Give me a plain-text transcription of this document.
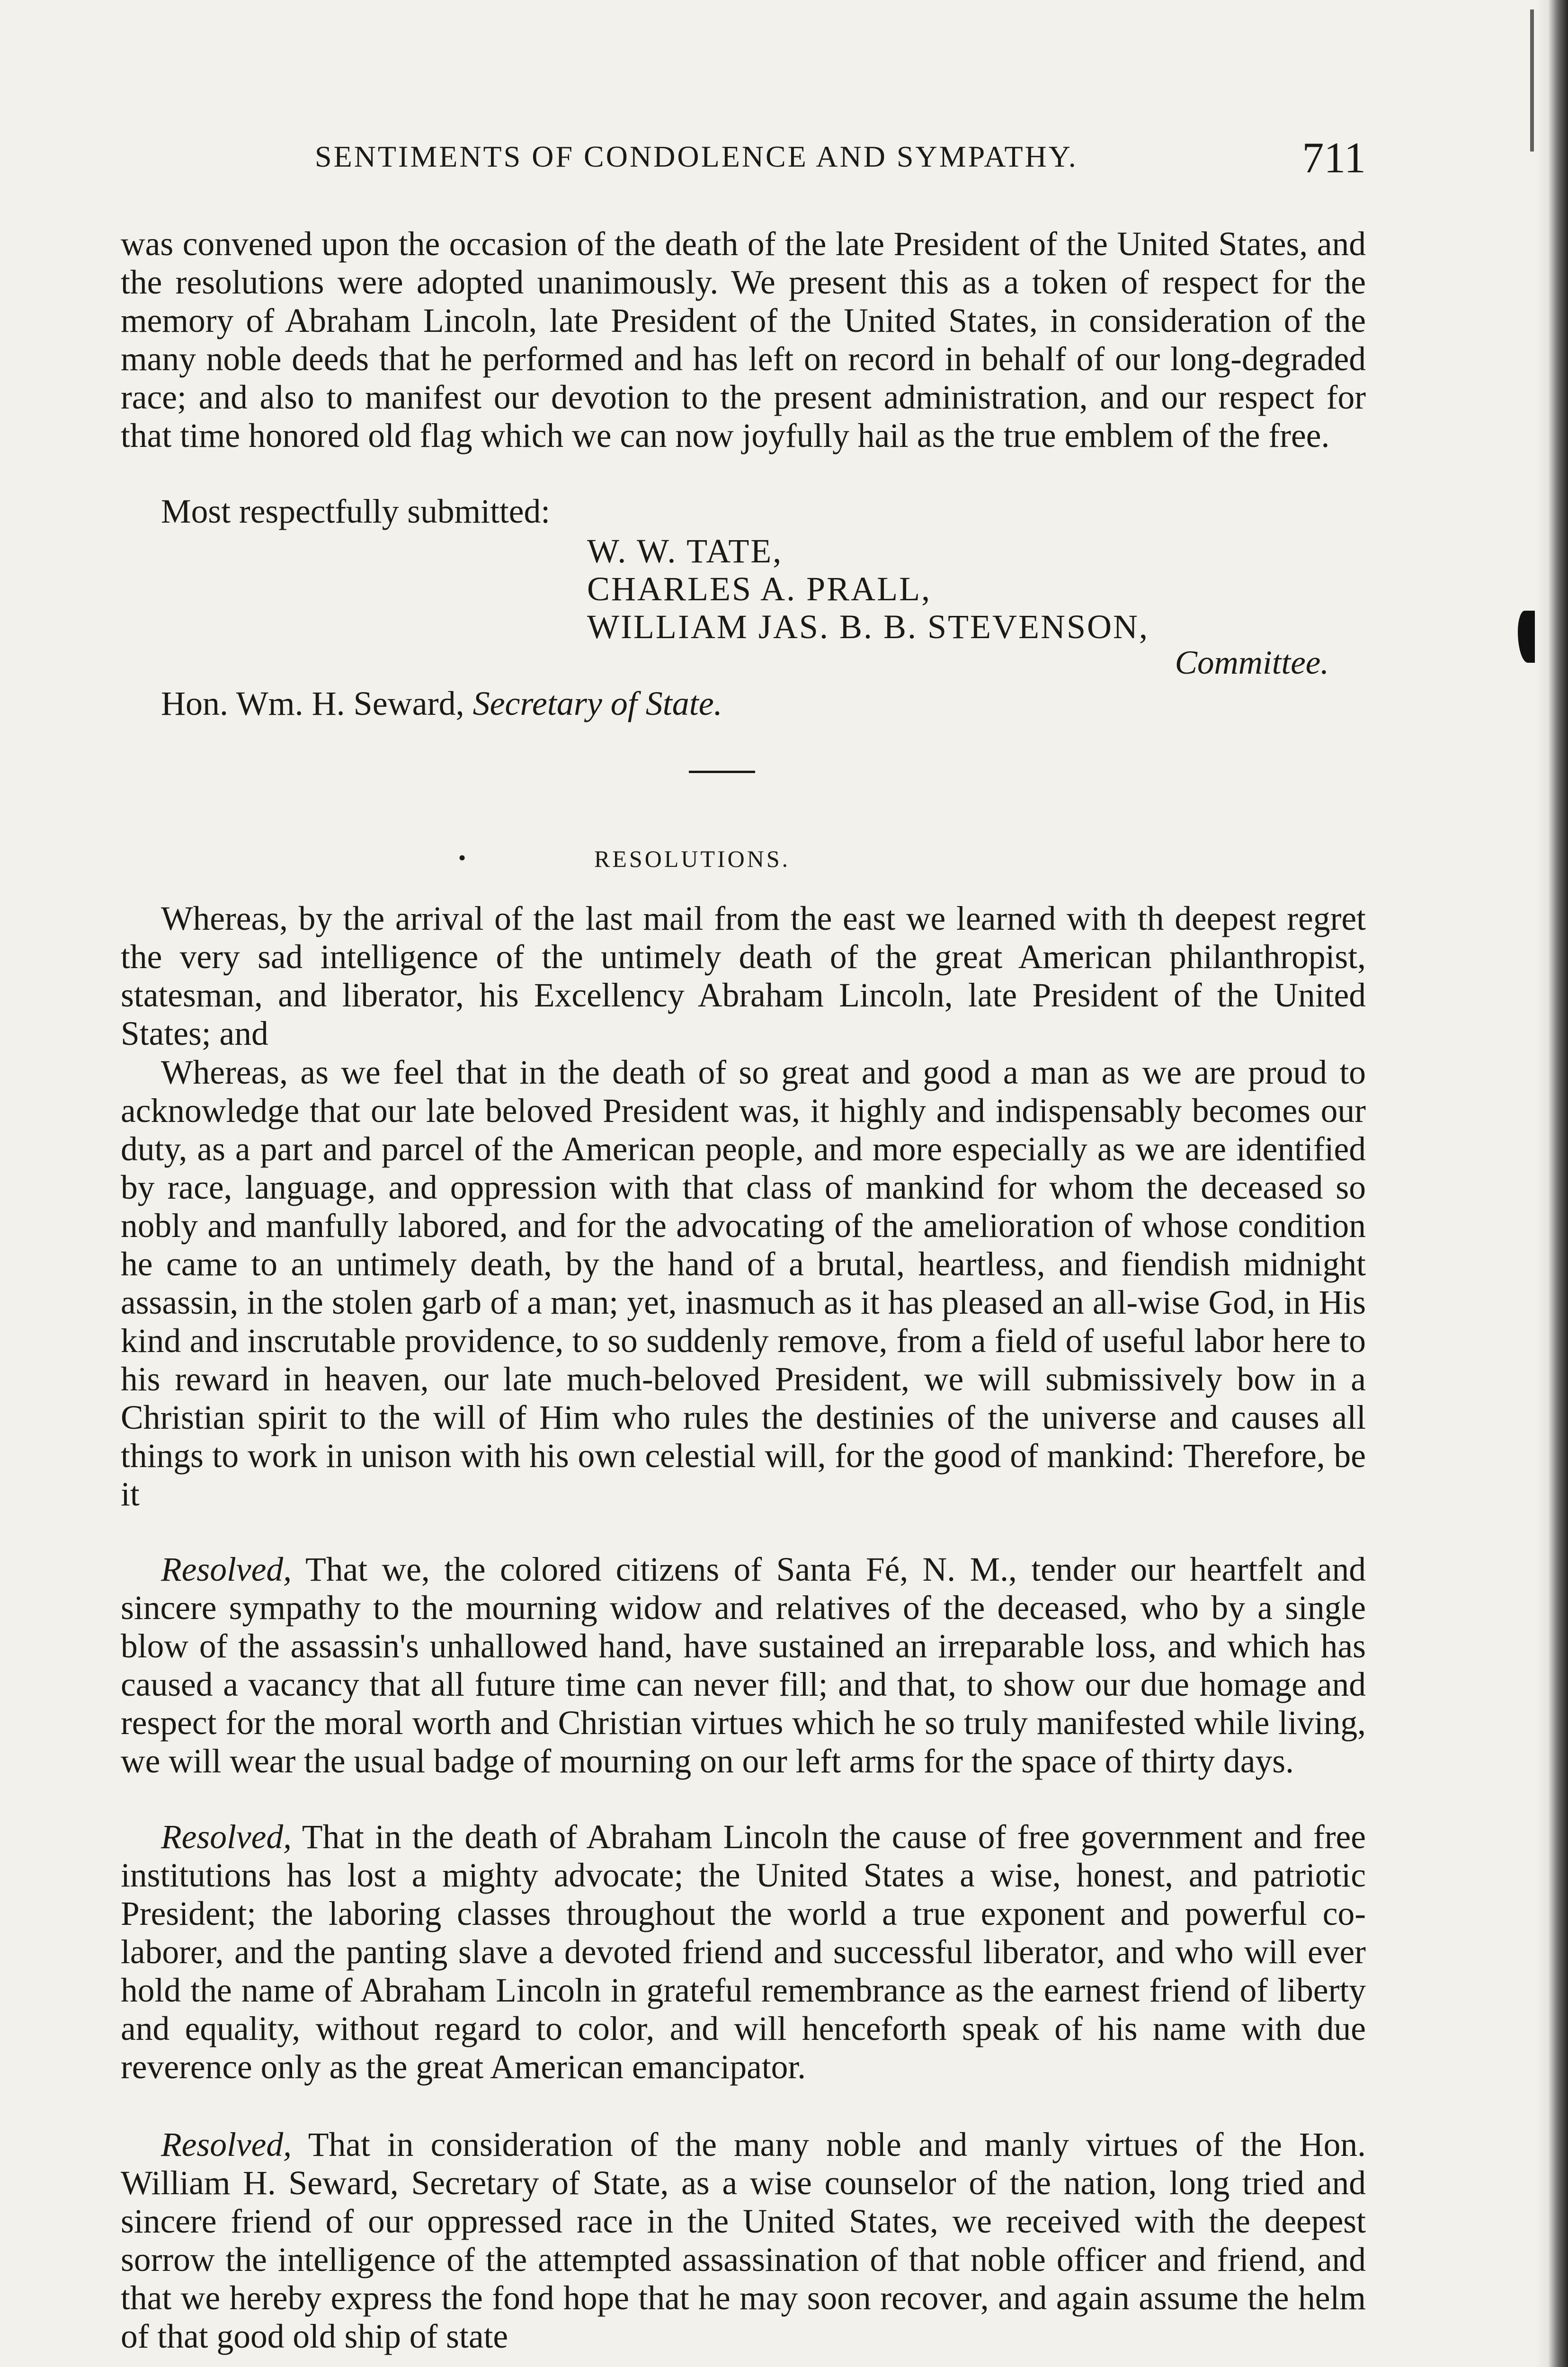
SENTIMENTS OF CONDOLENCE AND SYMPATHY.	711
was convened upon the occasion of the death of the late President of the United States, and the resolutions were adopted unanimously. We present this as a token of respect for the memory of Abraham Lincoln, late President of the United States, in consideration of the many noble deeds that he performed and has left on record in behalf of our long-degraded race; and also to manifest our devotion to the present administration, and our respect for that time honored old flag which we can now joyfully hail as the true emblem of the free.
Most respectfully submitted:
W. W. TATE,
CHARLES A. PRALL,
WILLIAM JAS. B. B. STEVENSON,
Committee.
Hon. Wm. H. Seward, Secretary of State.
•	RESOLUTIONS.
Whereas, by the arrival of the last mail from the east we learned with th deepest regret the very sad intelligence of the untimely death of the great American philanthropist, statesman, and liberator, his Excellency Abraham Lincoln, late President of the United States; and
Whereas, as we feel that in the death of so great and good a man as we are proud to acknowledge that our late beloved President was, it highly and indispensably becomes our duty, as a part and parcel of the American people, and more especially as we are identified by race, language, and oppression with that class of mankind for whom the deceased so nobly and manfully labored, and for the advocating of the amelioration of whose condition he came to an untimely death, by the hand of a brutal, heartless, and fiendish midnight assassin, in the stolen garb of a man; yet, inasmuch as it has pleased an all-wise God, in His kind and inscrutable providence, to so suddenly remove, from a field of useful labor here to his reward in heaven, our late much-beloved President, we will submissively bow in a Christian spirit to the will of Him who rules the destinies of the universe and causes all things to work in unison with his own celestial will, for the good of mankind: Therefore, be it
Resolved, That we, the colored citizens of Santa Fé, N. M., tender our heartfelt and sincere sympathy to the mourning widow and relatives of the deceased, who by a single blow of the assassin's unhallowed hand, have sustained an irreparable loss, and which has caused a vacancy that all future time can never fill; and that, to show our due homage and respect for the moral worth and Christian virtues which he so truly manifested while living, we will wear the usual badge of mourning on our left arms for the space of thirty days.
Resolved, That in the death of Abraham Lincoln the cause of free government and free institutions has lost a mighty advocate; the United States a wise, honest, and patriotic President; the laboring classes throughout the world a true exponent and powerful co-laborer, and the panting slave a devoted friend and successful liberator, and who will ever hold the name of Abraham Lincoln in grateful remembrance as the earnest friend of liberty and equality, without regard to color, and will henceforth speak of his name with due reverence only as the great American emancipator.
Resolved, That in consideration of the many noble and manly virtues of the Hon. William H. Seward, Secretary of State, as a wise counselor of the nation, long tried and sincere friend of our oppressed race in the United States, we received with the deepest sorrow the intelligence of the attempted assassination of that noble officer and friend, and that we hereby express the fond hope that he may soon recover, and again assume the helm of that good old ship of state
